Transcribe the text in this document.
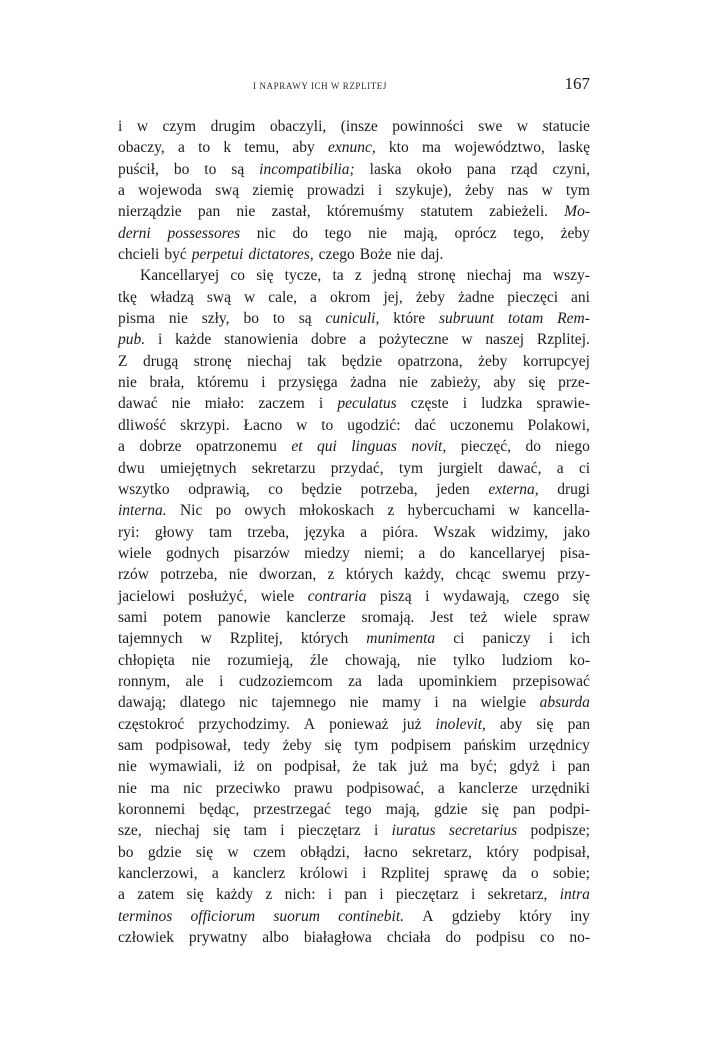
I NAPRAWY ICH W RZPLITEJ	167
i w czym drugim obaczyli, (insze powinności swe w statucie
obaczy, a to k temu, aby exnunc, kto ma województwo, laskę
puścił, bo to są incompatibilia; laska około pana rząd czyni,
a wojewoda swą ziemię prowadzi i szykuje), żeby nas w tym
nierządzie pan nie zastał, któremuśmy statutem zabieżeli. Mo-
derni possessores nic do tego nie mają, oprócz tego, żeby
chcieli być perpetui dictatores, czego Boże nie daj.
Kancellaryej co się tycze, ta z jedną stronę niechaj ma wszy-
tkę władzą swą w cale, a okrom jej, żeby żadne pieczęci ani
pisma nie szły, bo to są cuniculi, które subruunt totam Rem-
pub. i każde stanowienia dobre a pożyteczne w naszej Rzplitej.
Z drugą stronę niechaj tak będzie opatrzona, żeby korrupcyej
nie brała, któremu i przysięga żadna nie zabieży, aby się prze-
dawać nie miało: zaczem i peculatus częste i ludzka sprawie-
dliwość skrzypi. Łacno w to ugodzić: dać uczonemu Polakowi,
a dobrze opatrzonemu et qui linguas novit, pieczęć, do niego
dwu umiejętnych sekretarzu przydać, tym jurgielt dawać, a ci
wszytko odprawią, co będzie potrzeba, jeden externa, drugi
interna. Nic po owych młokoskach z hybercuchami w kancella-
ryi: głowy tam trzeba, języka a pióra. Wszak widzimy, jako
wiele godnych pisarzów miedzy niemi; a do kancellaryej pisa-
rzów potrzeba, nie dworzan, z których każdy, chcąc swemu przy-
jacielowi posłużyć, wiele contraria piszą i wydawają, czego się
sami potem panowie kanclerze sromają. Jest też wiele spraw
tajemnych w Rzplitej, których munimenta ci paniczy i ich
chłopięta nie rozumieją, źle chowają, nie tylko ludziom ko-
ronnym, ale i cudzoziemcom za lada upominkiem przepisować
dawają; dlatego nic tajemnego nie mamy i na wielgie absurda
częstokroć przychodzimy. A ponieważ już inolevit, aby się pan
sam podpisował, tedy żeby się tym podpisem pańskim urzędnicy
nie wymawiali, iż on podpisał, że tak już ma być; gdyż i pan
nie ma nic przeciwko prawu podpisować, a kanclerze urzędniki
koronnemi będąc, przestrzegać tego mają, gdzie się pan podpi-
sze, niechaj się tam i pieczętarz i iuratus secretarius podpisze;
bo gdzie się w czem obłądzi, łacno sekretarz, który podpisał,
kanclerzowi, a kanclerz królowi i Rzplitej sprawę da o sobie;
a zatem się każdy z nich: i pan i pieczętarz i sekretarz, intra
terminos officiorum suorum continebit. A gdzieby który iny
człowiek prywatny albo białagłowa chciała do podpisu co no-
